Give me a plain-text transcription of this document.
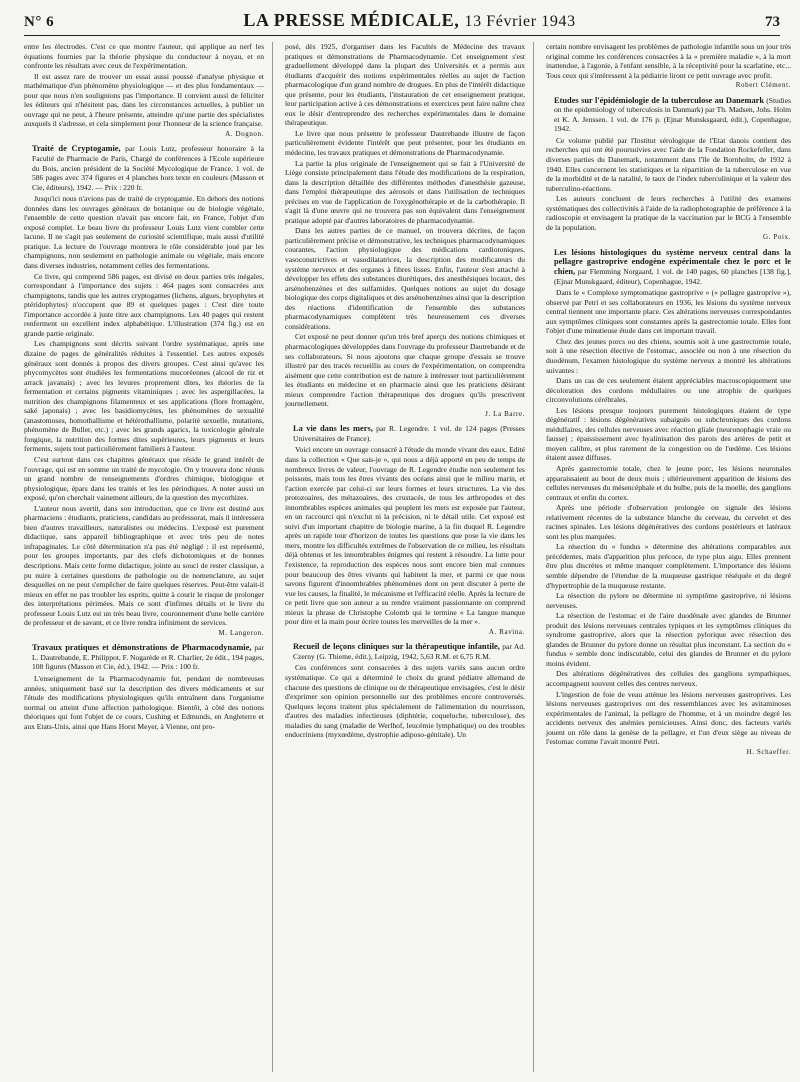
N° 6	LA PRESSE MÉDICALE, 13 Février 1943	73

entre les électrodes. C'est ce que montre l'auteur, qui applique au nerf les équations fournies par la théorie physique du conducteur à noyau, et en confronte les résultats avec ceux de l'expérimentation.

Il est assez rare de trouver un essai aussi poussé d'analyse physique et mathématique d'un phénomène physiologique — et des plus fondamentaux — pour que nous n'en soulignions pas l'importance. Il convient aussi de féliciter les éditeurs qui n'hésitent pas, dans les circonstances actuelles, à publier un ouvrage qui ne peut, à l'heure présente, atteindre qu'une partie des spécialistes auxquels il s'adresse, et cela simplement pour l'honneur de la science française.

A. Dognon.

Traité de Cryptogamie, par Louis Lutz, professeur honoraire à la Faculté de Pharmacie de Paris, Chargé de conférences à l'Ecole supérieure du Bois, ancien président de la Société Mycologique de France. 1 vol. de 586 pages avec 374 figures et 4 planches hors texte en couleurs (Masson et Cie, éditeurs), 1942. — Prix : 220 fr.

Jusqu'ici nous n'avions pas de traité de cryptogamie. En dehors des notions données dans les ouvrages généraux de botanique ou de biologie végétale, l'ensemble de cette question n'avait pas encore fait, en France, l'objet d'un exposé complet. Le beau livre du professeur Louis Lutz vient combler cette lacune. Il ne s'agit pas seulement de curiosité scientifique, mais aussi d'utilité pratique. La lecture de l'ouvrage montrera le rôle considérable joué par les champignons, non seulement en pathologie animale ou végétale, mais encore dans diverses industries, notamment celles des fermentations.

Ce livre, qui comprend 586 pages, est divisé en deux parties très inégales, correspondant à l'importance des sujets : 464 pages sont consacrées aux champignons, tandis que les autres cryptogames (lichens, algues, bryophytes et ptéridophytes) n'occupent que 89 et quelques pages : C'est dire toute l'importance accordée à juste titre aux champignons. Les 40 pages qui restent renferment un excellent index alphabétique. L'illustration (374 fig.) est en grande partie originale.

Les champignons sont décrits suivant l'ordre systématique, après une dizaine de pages de généralités réduites à l'essentiel. Les autres exposés généraux sont donnés à propos des divers groupes. C'est ainsi qu'avec les phycomycètes sont étudiées les fermentations mucoréennes (alcool de riz et arrack javanais) ; avec les levures proprement dites, les théories de la fermentation et certains pigments vitaminiques ; avec les aspergillacées, la nutrition des champignons filamenteux et ses applications (flore fromagère, saké japonais) ; avec les basidiomycètes, les phénomènes de sexualité (anastomoses, homothallisme et hétérothallisme, polarité sexuelle, mutations, phénomène de Buller, etc.) ; avec les grands agarics, la toxicologie générale fongique, la nutrition des formes dites supérieures, leurs pigments et leurs ferments, sujets tout particulièrement familiers à l'auteur.

C'est surtout dans ces chapitres généraux que réside le grand intérêt de l'ouvrage, qui est en somme un traité de mycologie. On y trouvera donc réunis un grand nombre de renseignements d'ordres chimique, biologique et physiologique, épars dans les traités et les les périodiques. A noter aussi un exposé, qu'on cherchait vainement ailleurs, de la question des mycorhizes.

L'auteur nous avertit, dans son introduction, que ce livre est destiné aux pharmaciens : étudiants, praticiens, candidats au professorat, mais il intéressera bien d'autres travailleurs, naturalistes ou médecins. L'exposé est purement didactique, sans appareil bibliographique et avec très peu de notes infrapaginales. Le côté détermination n'a pas été négligé : il est représenté, pour les groupes importants, par des clefs dichotomiques et de bonnes descriptions. Mais cette forme didactique, jointe au souci de rester classique, a pu nuire à certaines questions de pathologie ou de nomenclature, au sujet desquelles on ne peut s'empêcher de faire quelques réserves. Peut-être valait-il mieux en effet ne pas troubler les esprits, quitte à courir le risque de prolonger des interprétations périmées. Mais ce sont d'infimes détails et le livre du professeur Louis Lutz est un très beau livre, couronnement d'une belle carrière de professeur et de savant, et ce livre rendra infiniment de services.

M. Langeron.

Travaux pratiques et démonstrations de Pharmacodynamie, par L. Dautrebande, E. Philippot, F. Nogarède et R. Charlier, 2e édit., 194 pages, 108 figures (Masson et Cie, éd.), 1942. — Prix : 100 fr.

L'enseignement de la Pharmacodynamie fut, pendant de nombreuses années, uniquement basé sur la description des divers médicaments et sur l'étude des modifications physiologiques qu'ils entraînent dans l'organisme normal ou atteint d'une affection pathologique. Bientôt, à côté des notions théoriques qui font l'objet de ce cours, Cushing et Edmunds, en Angleterre et aux Etats-Unis, ainsi que Hans Horst Meyer, à Vienne, ont pro-

posé, dès 1925, d'organiser dans les Facultés de Médecine des travaux pratiques et démonstrations de Pharmacodynamie. Cet enseignement s'est graduellement développé dans la plupart des Universités et a permis aux étudiants d'acquérir des notions expérimentales réelles au sujet de l'action pharmacologique d'un grand nombre de drogues. En plus de l'intérêt didactique que présente, pour les étudiants, l'instauration de cet enseignement pratique, leur participation active à ces démonstrations et exercices peut faire naître chez eux le désir d'entreprendre des recherches expérimentales dans le domaine thérapeutique.

Le livre que nous présente le professeur Dautrebande illustre de façon particulièrement évidente l'intérêt que peut présenter, pour les étudiants en médecine, les travaux pratiques et démonstrations de Pharmacodynamie.

La partie la plus originale de l'enseignement qui se fait à l'Université de Liège consiste principalement dans l'étude des modifications de la respiration, dans la description détaillée des différentes méthodes d'anesthésie gazeuse, dans l'emploi thérapeutique des aérosols et dans l'utilisation de techniques précises en vue de l'application de l'oxygénothérapie et de la carbothérapie. Il s'agit là d'une œuvre qui ne trouvera pas son équivalent dans l'enseignement pratique adopté par d'autres laboratoires de pharmacodynamie.

Dans les autres parties de ce manuel, on trouvera décrites, de façon particulièrement précise et démonstrative, les techniques pharmacodynamiques courantes, l'action physiologique des médications cardiotoniques, vasoconstrictives et vasodilatatrices, la description des modificateurs du système nerveux et des organes à fibres lisses. Enfin, l'auteur s'est attaché à développer les effets des substances diurétiques, des anesthésiques locaux, des arsénobenzènes et des sulfamides. Quelques notions au sujet du dosage biologique des corps digitaliques et des arsénobenzènes ainsi que la description des réactions d'identification de l'ensemble des substances pharmacodynamiques complètent très heureusement ces diverses considérations.

Cet exposé ne peut donner qu'un très bref aperçu des notions chimiques et pharmacologiques développées dans l'ouvrage du professeur Dautrebande et de ses collaborateurs. Si nous ajoutons que chaque groupe d'essais se trouve illustré par des tracés recueillis au cours de l'expérimentation, on comprendra aisément que cette contribution est de nature à intéresser tout particulièrement les étudiants en médecine et en pharmacie ainsi que les praticiens désirant mieux comprendre l'action thérapeutique des drogues qu'ils prescrivent journellement.

J. La Barre.

La vie dans les mers, par R. Legendre. 1 vol. de 124 pages (Presses Universitaires de France).

Voici encore un ouvrage consacré à l'étude du monde vivant des eaux. Edité dans la collection « Que sais-je », qui nous a déjà apporté en peu de temps de nombreux livres de valeur, l'ouvrage de R. Legendre étudie non seulement les poissons, mais tous les êtres vivants des océans ainsi que le milieu marin, et l'action exercée par celui-ci sur leurs formes et leurs structures. La vie des protozoaires, des métazoaires, des crustacés, de tous les arthropodes et des innombrables espèces animales qui peuplent les mers est exposée par l'auteur, en un raccourci qui n'exclut ni la précision, ni le détail utile. Cet exposé est suivi d'un important chapitre de biologie marine, à la fin duquel R. Legendre après un rapide tour d'horizon de toutes les questions que pose la vie dans les mers, montre les difficultés extrêmes de l'observation de ce milieu, les résultats déjà obtenus et les innombrables énigmes qui restent à résoudre. La lutte pour l'existence, la reproduction des espèces nous sont encore bien mal connues pour beaucoup des êtres vivants qui habitent la mer, et parmi ce que nous savons figurent d'innombrables phénomènes dont on peut discuter à perte de vue les causes, la finalité, le mécanisme et l'efficacité réelle. Après la lecture de ce petit livre que son auteur a su rendre vraiment passionnante on comprend mieux la phrase de Christophe Colomb qui le termine « La langue manque pour dire et la main pour écrire toutes les merveilles de la mer ».

A. Ravina.

Recueil de leçons cliniques sur la thérapeutique infantile, par Ad. Czerny (G. Thieme, édit.), Leipzig, 1942, 5,63 R.M. et 6,75 R.M.

Ces conférences sont consacrées à des sujets variés sans aucun ordre systématique. Ce qui a déterminé le choix du grand pédiatre allemand de chacune des questions de clinique ou de thérapeutique envisagées, c'est le désir d'exprimer son opinion personnelle sur des problèmes encore controversés. Quelques leçons traitent plus spécialement de l'alimentation du nourrisson, d'autres des maladies infectieuses (diphtérie, coqueluche, tuberculose), des maladies du sang (maladie de Werlhof, leucémie lymphatique) ou des troubles endocriniens (myxœdème, dystrophie adiposo-génitale). Un

certain nombre envisagent les problèmes de pathologie infantile sous un jour très original comme les conférences consacrées à la « première maladie », à la mort inattendue, à l'agonie, à l'enfant sensible, à la réceptivité pour la scarlatine, etc... Tous ceux qui s'intéressent à la pédiatrie liront ce petit ouvrage avec profit.

Robert Clément.

Etudes sur l'épidémiologie de la tuberculose au Danemark (Studies on the epidemiology of tuberculosis in Danmark) par Th. Madsen, Johs. Holm et K. A. Jenssen. 1 vol. de 176 p. (Ejnar Munsksgaard, édit.), Copenhague, 1942.

Ce volume publié par l'Institut sérologique de l'Etat danois contient des recherches qui ont été poursuivies avec l'aide de la Fondation Rockefeller, dans diverses parties du Danemark, notamment dans l'île de Bornholm, de 1932 à 1940. Elles concernent les statistiques et la répartition de la tuberculose en vue de la morbidité et de la natalité, le taux de l'index tuberculinique et la valeur des tuberculino-réactions.

Les auteurs concluent de leurs recherches à l'utilité des examens systématiques des collectivités à l'aide de la radiophotographie de préférence à la radioscopie et envisagent la pratique de la vaccination par le BCG à l'ensemble de la population.

G. Poix.

Les lésions histologiques du système nerveux central dans la pellagre gastroprive endogène expérimentale chez le porc et le chien, par Flemming Norgaard, 1 vol. de 140 pages, 60 planches [138 fig.], (Ejnar Munskgaard, éditeur), Copenhague, 1942.

Dans le « Complexe symptomatique gastroprive » (« pellagre gastroprive »), observé par Petri et ses collaborateurs en 1936, les lésions du système nerveux central tiennent une importante place. Ces altérations nerveuses correspondantes aux symptômes cliniques sont constantes après la gastrectomie totale. Elles font l'objet d'une minutieuse étude dans cet important travail.

Chez des jeunes porcs ou des chiens, soumis soit à une gastrectomie totale, soit à une résection élective de l'estomac, associée ou non à une résection du duodénum, l'examen histologique du système nerveux a montré les altérations suivantes :

Dans un cas de ces seulement étaient appréciables macroscopiquement une décoloration des cordons médullaires ou une atrophie de quelques circonvolutions cérébrales.

Les lésions presque toujours purement histologiques étaient de type dégénératif : lésions dégénératives subaiguës ou subchroniques des cordons médullaires, des cellules nerveuses avec réaction gliale (neuronophagie vraie ou fausse) ; épaississement avec hyalinisation des parois des artères de petit et moyen calibre, et plus rarement de la congestion ou de l'œdème. Ces lésions étaient assez diffuses.

Après gastrectomie totale, chez le jeune porc, les lésions neuronales apparaissaient au bout de deux mois ; ultérieurement apparition de lésions des cellules nerveuses du mésencéphale et du bulbe, puis de la moelle, des ganglions centraux et enfin du cortex.

Après une période d'observation prolongée on signale des lésions relativement récentes de la substance blanche du cerveau, du cervelet et des racines spinales. Les lésions dégénératives des cordons postérieurs et latéraux sont les plus marquées.

La résection du « fundus » détermine des altérations comparables aux précédentes, mais d'apparition plus précoce, de type plus aigu. Elles prennent être plus discrètes et même manquer complètement. L'importance des lésions semble dépendre de l'étendue de la muqueuse gastrique réséquée et du degré d'hypertrophie de la muqueuse restante.

La résection du pylore ne détermine ni symptôme gastroprive, ni lésions nerveuses.

La résection de l'estomac et de l'aire duodénale avec glandes de Brunner produit des lésions nerveuses centrales typiques et les symptômes cliniques du syndrome gastroprive, alors que la résection pylorique avec résection des glandes de Brunner du pylore donne un résultat plus inconstant. La section du « fundus » semble donc indiscutable, celui des glandes de Brunner et du pylore moins évident.

Des altérations dégénératives des cellules des ganglions sympathiques, accompagnent souvent celles des centres nerveux.

L'ingestion de foie de veau atténue les lésions nerveuses gastroprives. Les lésions nerveuses gastroprives ont des ressemblances avec les avitaminoses expérimentales de l'animal, la pellagre de l'homme, et à un moindre degré les accidents nerveux des anémies pernicieuses. Ainsi donc, des facteurs variés jouent un rôle dans la genèse de la pellagre, et l'un d'eux siège au niveau de l'estomac comme l'avait montré Petri.

H. Schaeffer.
